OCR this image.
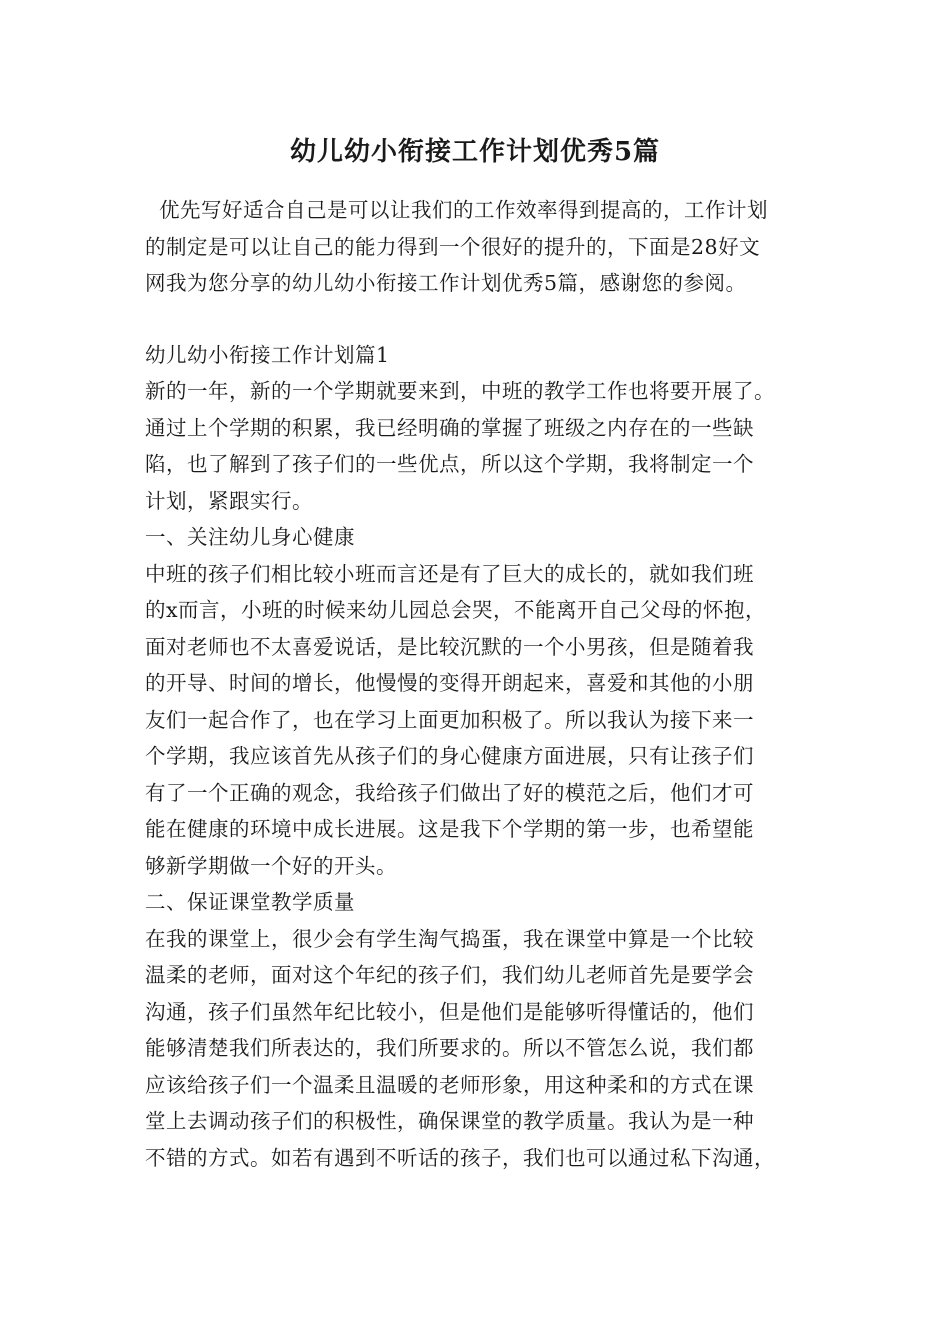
幼儿幼小衔接工作计划优秀5篇
优先写好适合自己是可以让我们的工作效率得到提高的，工作计划
的制定是可以让自己的能力得到一个很好的提升的，下面是28好文
网我为您分享的幼儿幼小衔接工作计划优秀5篇，感谢您的参阅。
幼儿幼小衔接工作计划篇1
新的一年，新的一个学期就要来到，中班的教学工作也将要开展了。
通过上个学期的积累，我已经明确的掌握了班级之内存在的一些缺
陷，也了解到了孩子们的一些优点，所以这个学期，我将制定一个
计划，紧跟实行。
一、关注幼儿身心健康
中班的孩子们相比较小班而言还是有了巨大的成长的，就如我们班
的x而言，小班的时候来幼儿园总会哭，不能离开自己父母的怀抱，
面对老师也不太喜爱说话，是比较沉默的一个小男孩，但是随着我
的开导、时间的增长，他慢慢的变得开朗起来，喜爱和其他的小朋
友们一起合作了，也在学习上面更加积极了。所以我认为接下来一
个学期，我应该首先从孩子们的身心健康方面进展，只有让孩子们
有了一个正确的观念，我给孩子们做出了好的模范之后，他们才可
能在健康的环境中成长进展。这是我下个学期的第一步，也希望能
够新学期做一个好的开头。
二、保证课堂教学质量
在我的课堂上，很少会有学生淘气捣蛋，我在课堂中算是一个比较
温柔的老师，面对这个年纪的孩子们，我们幼儿老师首先是要学会
沟通，孩子们虽然年纪比较小，但是他们是能够听得懂话的，他们
能够清楚我们所表达的，我们所要求的。所以不管怎么说，我们都
应该给孩子们一个温柔且温暖的老师形象，用这种柔和的方式在课
堂上去调动孩子们的积极性，确保课堂的教学质量。我认为是一种
不错的方式。如若有遇到不听话的孩子，我们也可以通过私下沟通，
